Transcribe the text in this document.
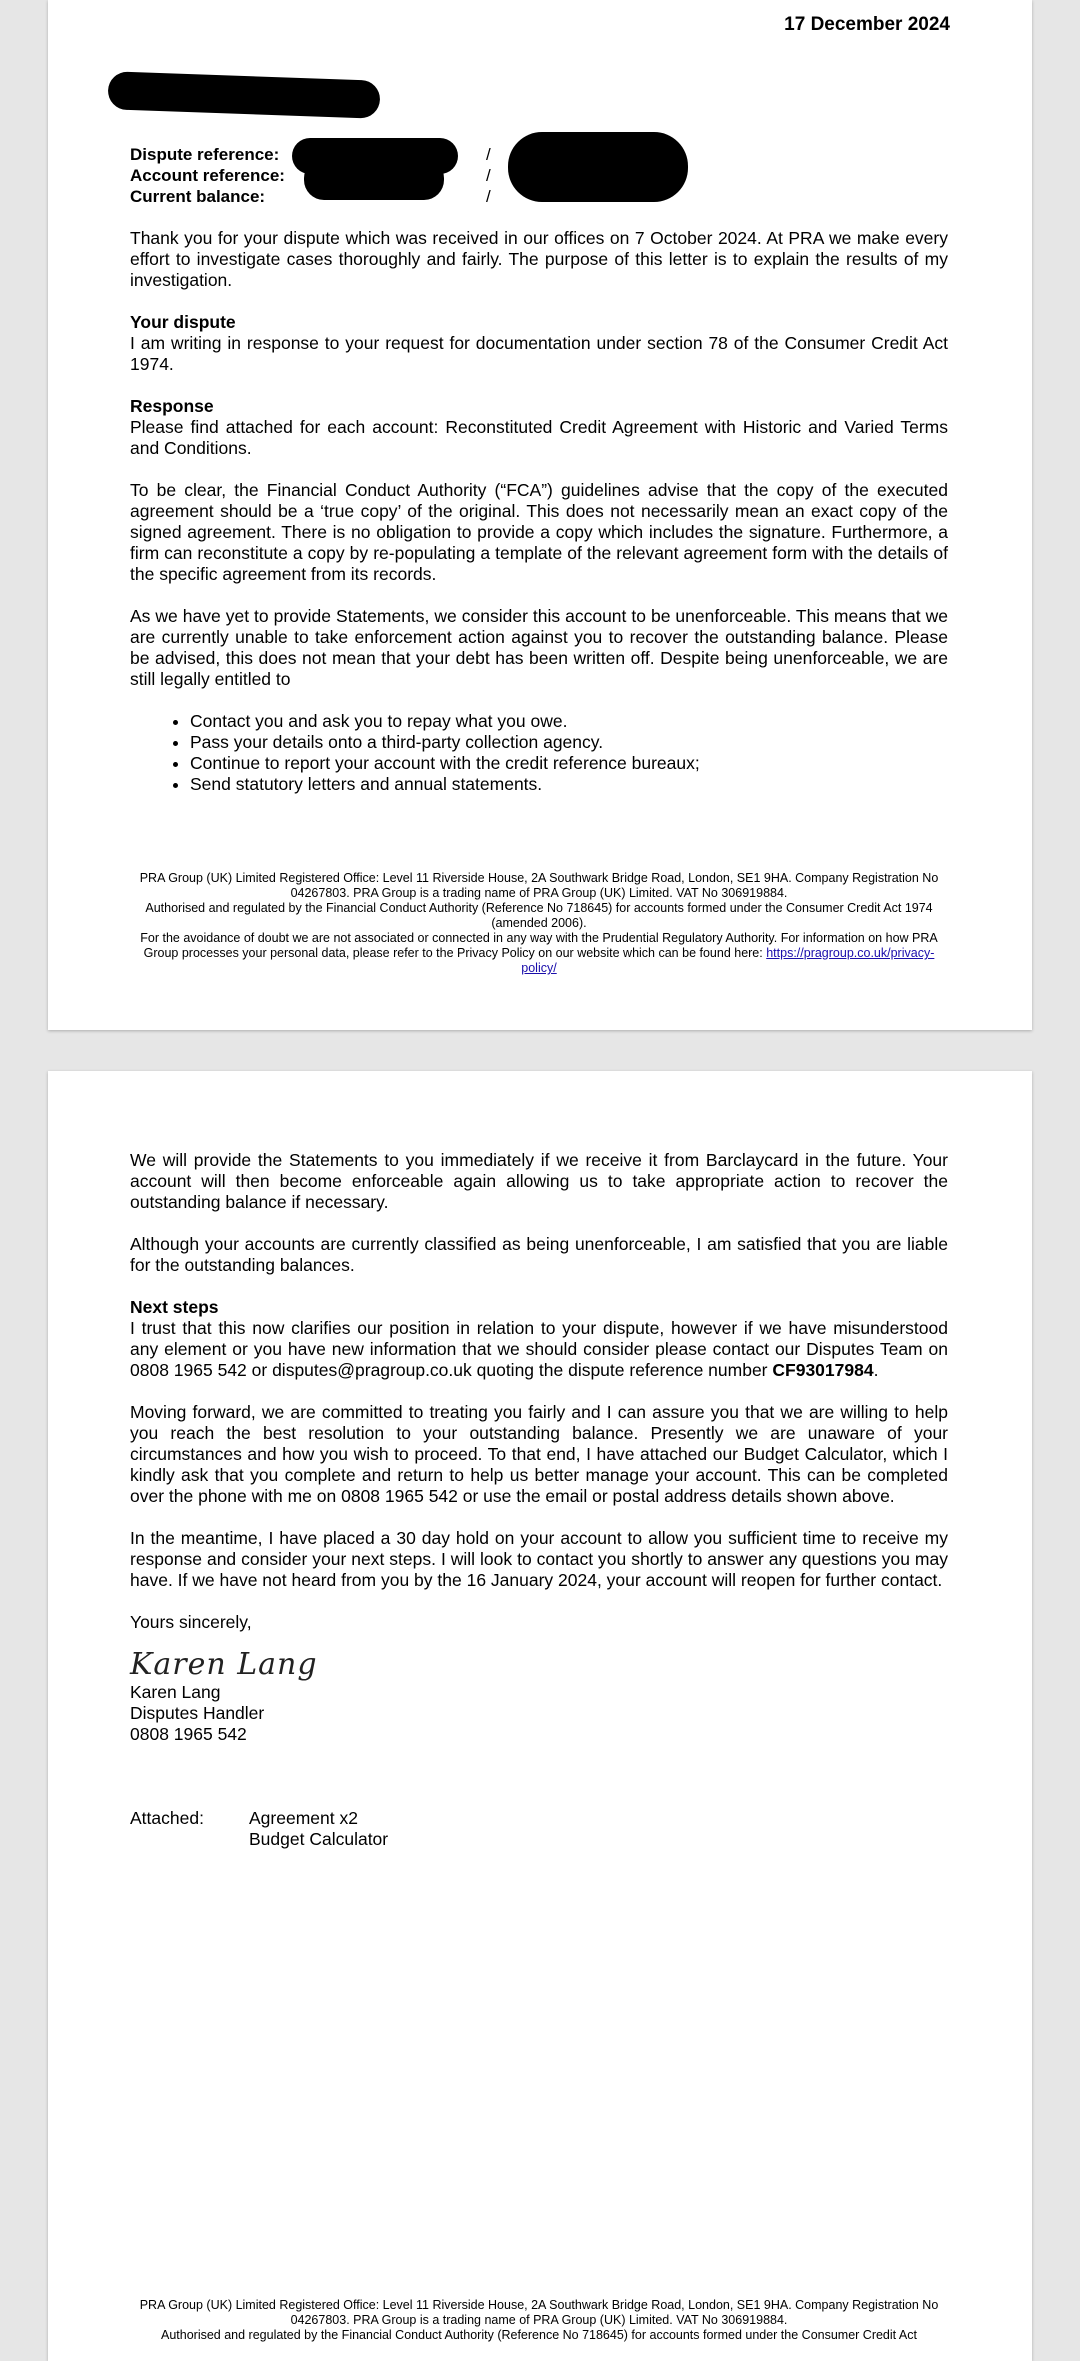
17 December 2024
Dispute reference:
Account reference:
Current balance:
/
/
/

Thank you for your dispute which was received in our offices on 7 October 2024. At PRA we make every effort to investigate cases thoroughly and fairly. The purpose of this letter is to explain the results of my investigation.

Your dispute

I am writing in response to your request for documentation under section 78 of the Consumer Credit Act 1974.

Response

Please find attached for each account: Reconstituted Credit Agreement with Historic and Varied Terms and Conditions.

To be clear, the Financial Conduct Authority (“FCA”) guidelines advise that the copy of the executed agreement should be a ‘true copy’ of the original. This does not necessarily mean an exact copy of the signed agreement. There is no obligation to provide a copy which includes the signature. Furthermore, a firm can reconstitute a copy by re-populating a template of the relevant agreement form with the details of the specific agreement from its records.

As we have yet to provide Statements, we consider this account to be unenforceable. This means that we are currently unable to take enforcement action against you to recover the outstanding balance. Please be advised, this does not mean that your debt has been written off. Despite being unenforceable, we are still legally entitled to

• Contact you and ask you to repay what you owe.
• Pass your details onto a third-party collection agency.
• Continue to report your account with the credit reference bureaux;
• Send statutory letters and annual statements.
PRA Group (UK) Limited Registered Office: Level 11 Riverside House, 2A Southwark Bridge Road, London, SE1 9HA. Company Registration No 04267803. PRA Group is a trading name of PRA Group (UK) Limited. VAT No 306919884.
Authorised and regulated by the Financial Conduct Authority (Reference No 718645) for accounts formed under the Consumer Credit Act 1974 (amended 2006).
For the avoidance of doubt we are not associated or connected in any way with the Prudential Regulatory Authority. For information on how PRA Group processes your personal data, please refer to the Privacy Policy on our website which can be found here: https://pragroup.co.uk/privacy-policy/

We will provide the Statements to you immediately if we receive it from Barclaycard in the future. Your account will then become enforceable again allowing us to take appropriate action to recover the outstanding balance if necessary.

Although your accounts are currently classified as being unenforceable, I am satisfied that you are liable for the outstanding balances.

Next steps

I trust that this now clarifies our position in relation to your dispute, however if we have misunderstood any element or you have new information that we should consider please contact our Disputes Team on 0808 1965 542 or disputes@pragroup.co.uk quoting the dispute reference number CF93017984.

Moving forward, we are committed to treating you fairly and I can assure you that we are willing to help you reach the best resolution to your outstanding balance. Presently we are unaware of your circumstances and how you wish to proceed. To that end, I have attached our Budget Calculator, which I kindly ask that you complete and return to help us better manage your account. This can be completed over the phone with me on 0808 1965 542 or use the email or postal address details shown above.

In the meantime, I have placed a 30 day hold on your account to allow you sufficient time to receive my response and consider your next steps. I will look to contact you shortly to answer any questions you may have. If we have not heard from you by the 16 January 2024, your account will reopen for further contact.

Yours sincerely,

Karen Lang

Karen Lang

Disputes Handler

0808 1965 542

Attached:	Agreement x2
Budget Calculator
PRA Group (UK) Limited Registered Office: Level 11 Riverside House, 2A Southwark Bridge Road, London, SE1 9HA. Company Registration No 04267803. PRA Group is a trading name of PRA Group (UK) Limited. VAT No 306919884.
Authorised and regulated by the Financial Conduct Authority (Reference No 718645) for accounts formed under the Consumer Credit Act
